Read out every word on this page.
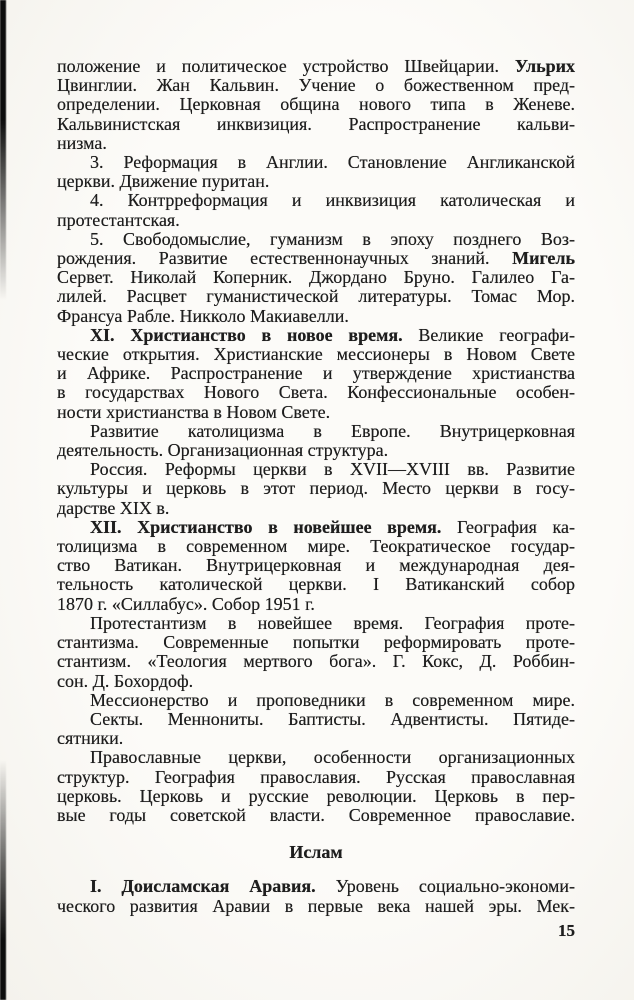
положение и политическое устройство Швейцарии. Ульрих
Цвинглии. Жан Кальвин. Учение о божественном пред-
определении. Церковная община нового типа в Женеве.
Кальвинистская инквизиция. Распространение кальви-
низма.
3. Реформация в Англии. Становление Англиканской
церкви. Движение пуритан.
4. Контрреформация и инквизиция католическая и
протестантская.
5. Свободомыслие, гуманизм в эпоху позднего Воз-
рождения. Развитие естественнонаучных знаний. Мигель
Сервет. Николай Коперник. Джордано Бруно. Галилео Га-
лилей. Расцвет гуманистической литературы. Томас Мор.
Франсуа Рабле. Никколо Макиавелли.
XI. Христианство в новое время. Великие географи-
ческие открытия. Христианские мессионеры в Новом Свете
и Африке. Распространение и утверждение христианства
в государствах Нового Света. Конфессиональные особен-
ности христианства в Новом Свете.
Развитие католицизма в Европе. Внутрицерковная
деятельность. Организационная структура.
Россия. Реформы церкви в XVII—XVIII вв. Развитие
культуры и церковь в этот период. Место церкви в госу-
дарстве XIX в.
XII. Христианство в новейшее время. География ка-
толицизма в современном мире. Теократическое государ-
ство Ватикан. Внутрицерковная и международная дея-
тельность католической церкви. I Ватиканский собор
1870 г. «Силлабус». Собор 1951 г.
Протестантизм в новейшее время. География проте-
стантизма. Современные попытки реформировать проте-
стантизм. «Теология мертвого бога». Г. Кокс, Д. Роббин-
сон. Д. Бохордоф.
Мессионерство и проповедники в современном мире.
Секты. Меннониты. Баптисты. Адвентисты. Пятиде-
сятники.
Православные церкви, особенности организационных
структур. География православия. Русская православная
церковь. Церковь и русские революции. Церковь в пер-
вые годы советской власти. Современное православие.
Ислам
I. Доисламская Аравия. Уровень социально-экономи-
ческого развития Аравии в первые века нашей эры. Мек-
15
